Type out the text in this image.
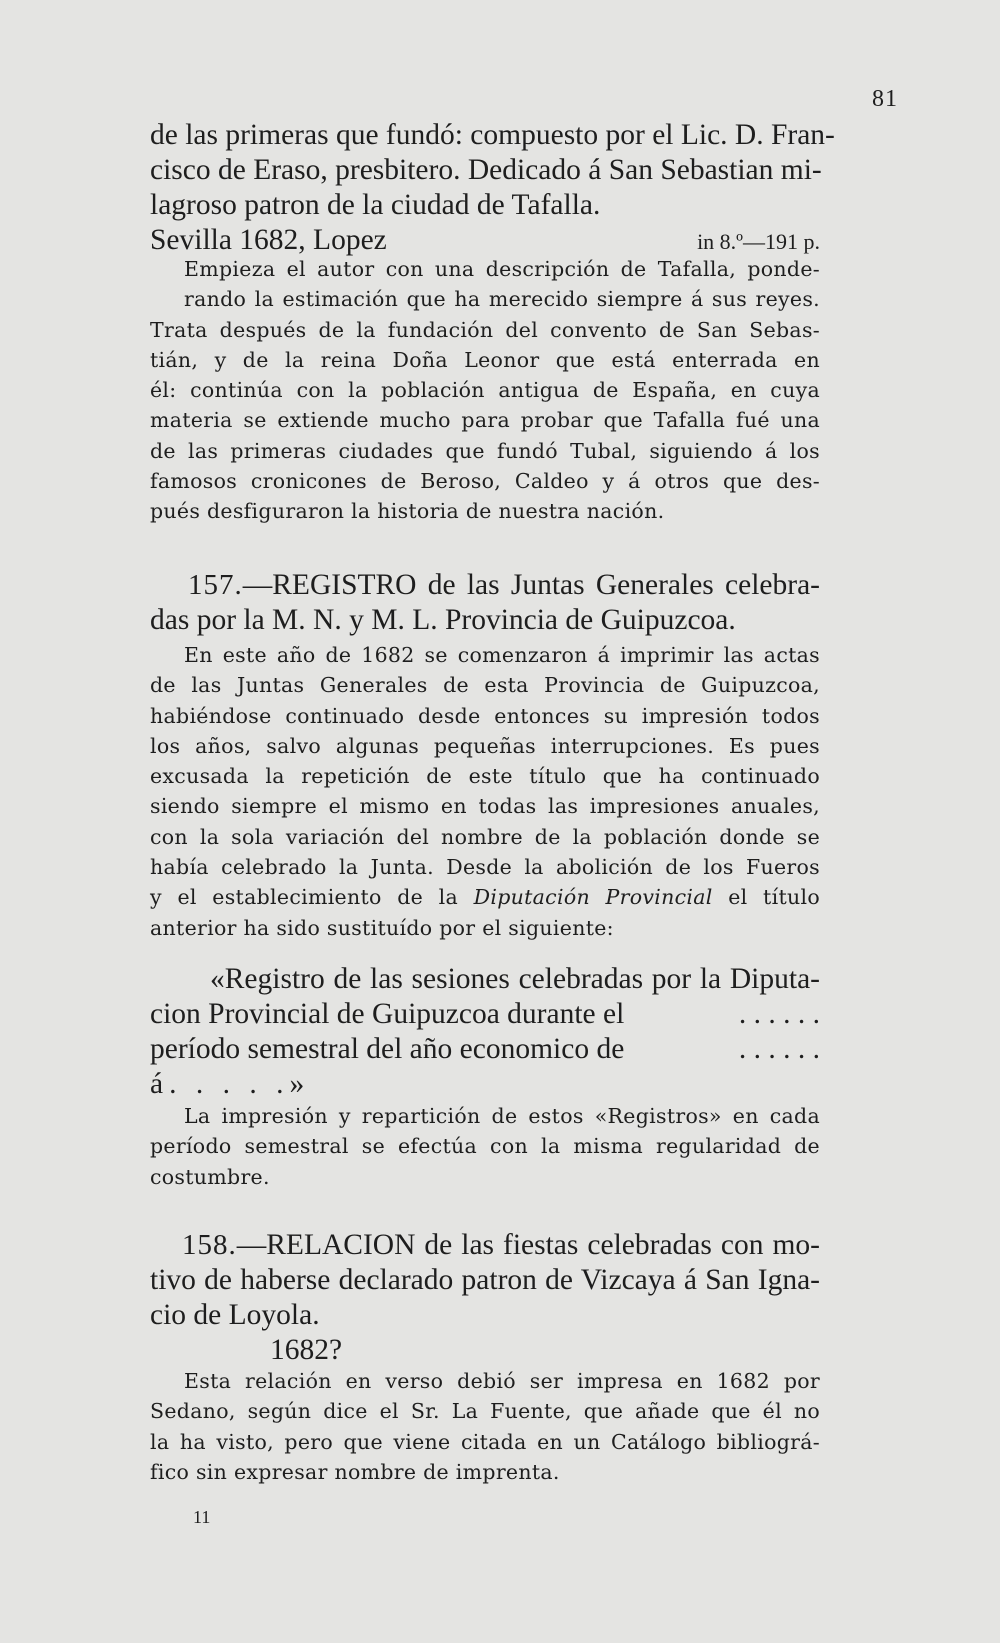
81
de las primeras que fundó: compuesto por el Lic. D. Fran-
cisco de Eraso, presbitero. Dedicado á San Sebastian mi-
lagroso patron de la ciudad de Tafalla.
Sevilla 1682, Lopez	in 8.º—191 p.
Empieza el autor con una descripción de Tafalla, ponde-
rando la estimación que ha merecido siempre á sus reyes.
Trata después de la fundación del convento de San Sebas-
tián, y de la reina Doña Leonor que está enterrada en
él: continúa con la población antigua de España, en cuya
materia se extiende mucho para probar que Tafalla fué una
de las primeras ciudades que fundó Tubal, siguiendo á los
famosos cronicones de Beroso, Caldeo y á otros que des-
pués desfiguraron la historia de nuestra nación.
157.—REGISTRO de las Juntas Generales celebra-
das por la M. N. y M. L. Provincia de Guipuzcoa.
En este año de 1682 se comenzaron á imprimir las actas
de las Juntas Generales de esta Provincia de Guipuzcoa,
habiéndose continuado desde entonces su impresión todos
los años, salvo algunas pequeñas interrupciones. Es pues
excusada la repetición de este título que ha continuado
siendo siempre el mismo en todas las impresiones anuales,
con la sola variación del nombre de la población donde se
había celebrado la Junta. Desde la abolición de los Fueros
y el establecimiento de la Diputación Provincial el título
anterior ha sido sustituído por el siguiente:
«Registro de las sesiones celebradas por la Diputa-
cion Provincial de Guipuzcoa durante el	. . . . . .
período semestral del año economico de	. . . . . .
á. . . . .»
La impresión y repartición de estos «Registros» en cada
período semestral se efectúa con la misma regularidad de
costumbre.
158.—RELACION de las fiestas celebradas con mo-
tivo de haberse declarado patron de Vizcaya á San Igna-
cio de Loyola.
1682?
Esta relación en verso debió ser impresa en 1682 por
Sedano, según dice el Sr. La Fuente, que añade que él no
la ha visto, pero que viene citada en un Catálogo bibliográ-
fico sin expresar nombre de imprenta.
11
